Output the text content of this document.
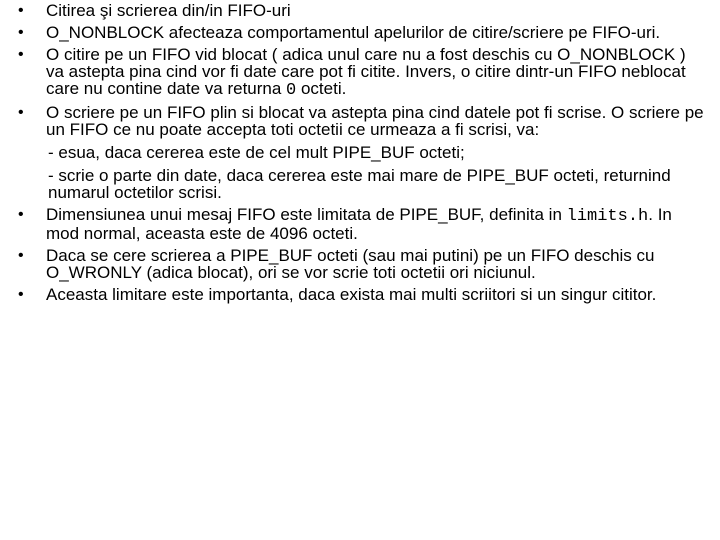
•	Citirea şi scrierea din/in FIFO-uri
•	O_NONBLOCK afecteaza comportamentul apelurilor de citire/scriere pe FIFO-uri.
•	O citire pe un FIFO vid blocat ( adica unul care nu a fost deschis cu O_NONBLOCK ) va astepta pina cind vor fi date care pot fi citite. Invers, o citire dintr-un FIFO neblocat care nu contine date va returna 0 octeti.
•	O scriere pe un FIFO plin si blocat va astepta pina cind datele pot fi scrise. O scriere pe un FIFO ce nu poate accepta toti octetii ce urmeaza a fi scrisi, va:
- esua, daca cererea este de cel mult PIPE_BUF octeti;
- scrie o parte din date, daca cererea este mai mare de PIPE_BUF octeti, returnind numarul octetilor scrisi.
•	Dimensiunea unui mesaj FIFO este limitata de PIPE_BUF, definita in limits.h. In mod normal, aceasta este de 4096 octeti.
•	Daca se cere scrierea a PIPE_BUF octeti (sau mai putini) pe un FIFO deschis cu O_WRONLY (adica blocat), ori se vor scrie toti octetii ori niciunul.
•	Aceasta limitare este importanta, daca exista mai multi scriitori si un singur cititor.
